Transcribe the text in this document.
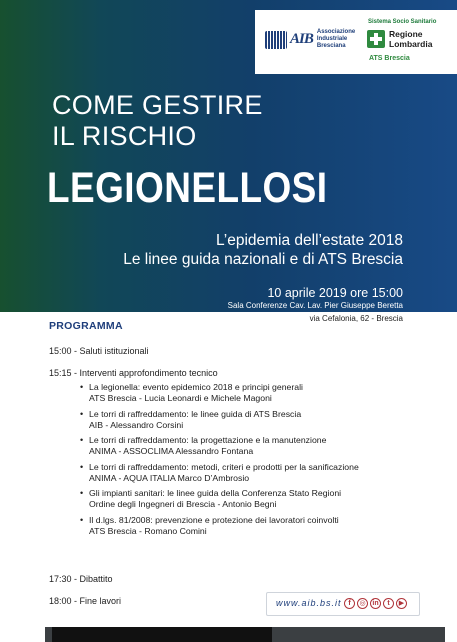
AIB Associazione Industriale Bresciana
Sistema Socio Sanitario
Regione
Lombardia
ATS Brescia
COME GESTIRE
IL RISCHIO
LEGIONELLOSI
L’epidemia dell’estate 2018
Le linee guida nazionali e di ATS Brescia
10 aprile 2019 ore 15:00
Sala Conferenze Cav. Lav. Pier Giuseppe Beretta
via Cefalonia, 62 - Brescia
PROGRAMMA
15:00 - Saluti istituzionali
15:15 - Interventi approfondimento tecnico
• La legionella: evento epidemico 2018 e principi generali
ATS Brescia - Lucia Leonardi e Michele Magoni
• Le torri di raffreddamento: le linee guida di ATS Brescia
AIB - Alessandro Corsini
• Le torri di raffreddamento: la progettazione e la manutenzione
ANIMA - ASSOCLIMA Alessandro Fontana
• Le torri di raffreddamento: metodi, criteri e prodotti per la sanificazione
ANIMA - AQUA ITALIA Marco D’Ambrosio
• Gli impianti sanitari: le linee guida della Conferenza Stato Regioni
Ordine degli Ingegneri di Brescia - Antonio Begni
• Il d.lgs. 81/2008: prevenzione e protezione dei lavoratori coinvolti
ATS Brescia - Romano Comini
17:30 - Dibattito
18:00 - Fine lavori	www.aib.bs.it f	◎ in	t	▶
